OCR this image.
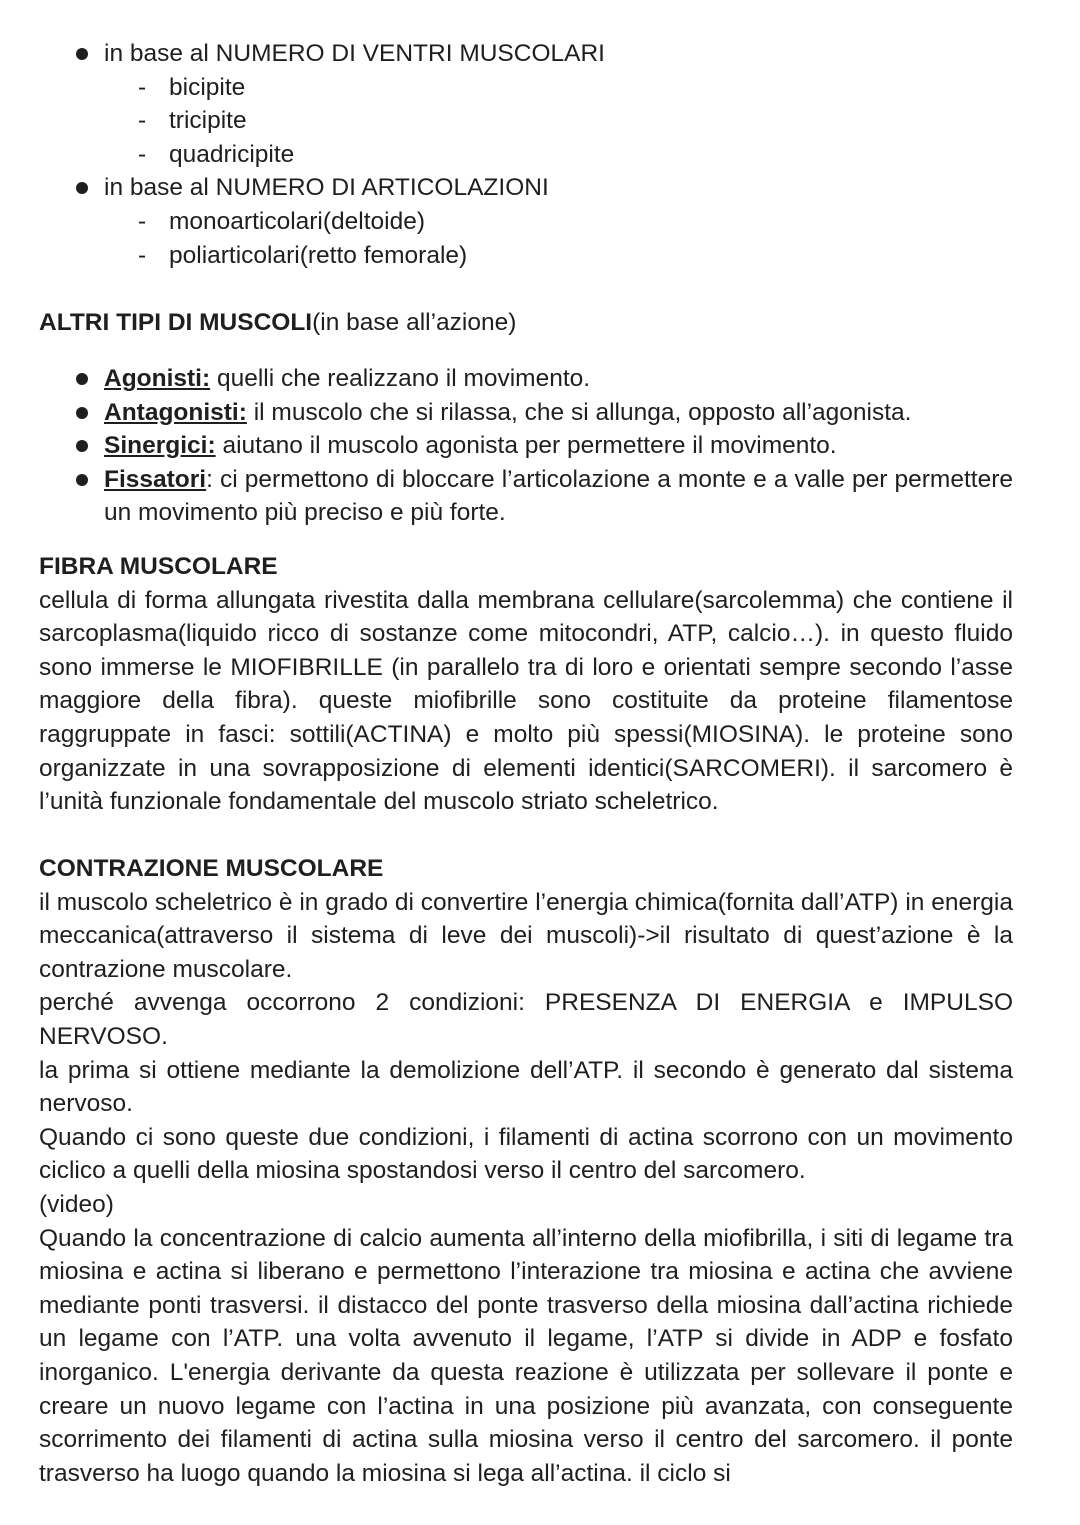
in base al NUMERO DI VENTRI MUSCOLARI
- bicipite
- tricipite
- quadricipite
in base al NUMERO DI ARTICOLAZIONI
- monoarticolari(deltoide)
- poliarticolari(retto femorale)

ALTRI TIPI DI MUSCOLI(in base all’azione)

Agonisti: quelli che realizzano il movimento.
Antagonisti: il muscolo che si rilassa, che si allunga, opposto all’agonista.
Sinergici: aiutano il muscolo agonista per permettere il movimento.
Fissatori: ci permettono di bloccare l’articolazione a monte e a valle per permettere un movimento più preciso e più forte.

FIBRA MUSCOLARE

cellula di forma allungata rivestita dalla membrana cellulare(sarcolemma) che contiene il sarcoplasma(liquido ricco di sostanze come mitocondri, ATP, calcio…). in questo fluido sono immerse le MIOFIBRILLE (in parallelo tra di loro e orientati sempre secondo l’asse maggiore della fibra). queste miofibrille sono costituite da proteine filamentose raggruppate in fasci: sottili(ACTINA) e molto più spessi(MIOSINA). le proteine sono organizzate in una sovrapposizione di elementi identici(SARCOMERI). il sarcomero è l’unità funzionale fondamentale del muscolo striato scheletrico.

CONTRAZIONE MUSCOLARE

il muscolo scheletrico è in grado di convertire l’energia chimica(fornita dall’ATP) in energia meccanica(attraverso il sistema di leve dei muscoli)->il risultato di quest’azione è la contrazione muscolare.

perché avvenga occorrono 2 condizioni: PRESENZA DI ENERGIA e IMPULSO NERVOSO.

la prima si ottiene mediante la demolizione dell’ATP. il secondo è generato dal sistema nervoso.

Quando ci sono queste due condizioni, i filamenti di actina scorrono con un movimento ciclico a quelli della miosina spostandosi verso il centro del sarcomero.

(video)

Quando la concentrazione di calcio aumenta all’interno della miofibrilla, i siti di legame tra miosina e actina si liberano e permettono l’interazione tra miosina e actina che avviene mediante ponti trasversi. il distacco del ponte trasverso della miosina dall’actina richiede un legame con l’ATP. una volta avvenuto il legame, l’ATP si divide in ADP e fosfato inorganico. L'energia derivante da questa reazione è utilizzata per sollevare il ponte e creare un nuovo legame con l’actina in una posizione più avanzata, con conseguente scorrimento dei filamenti di actina sulla miosina verso il centro del sarcomero. il ponte trasverso ha luogo quando la miosina si lega all’actina. il ciclo si
